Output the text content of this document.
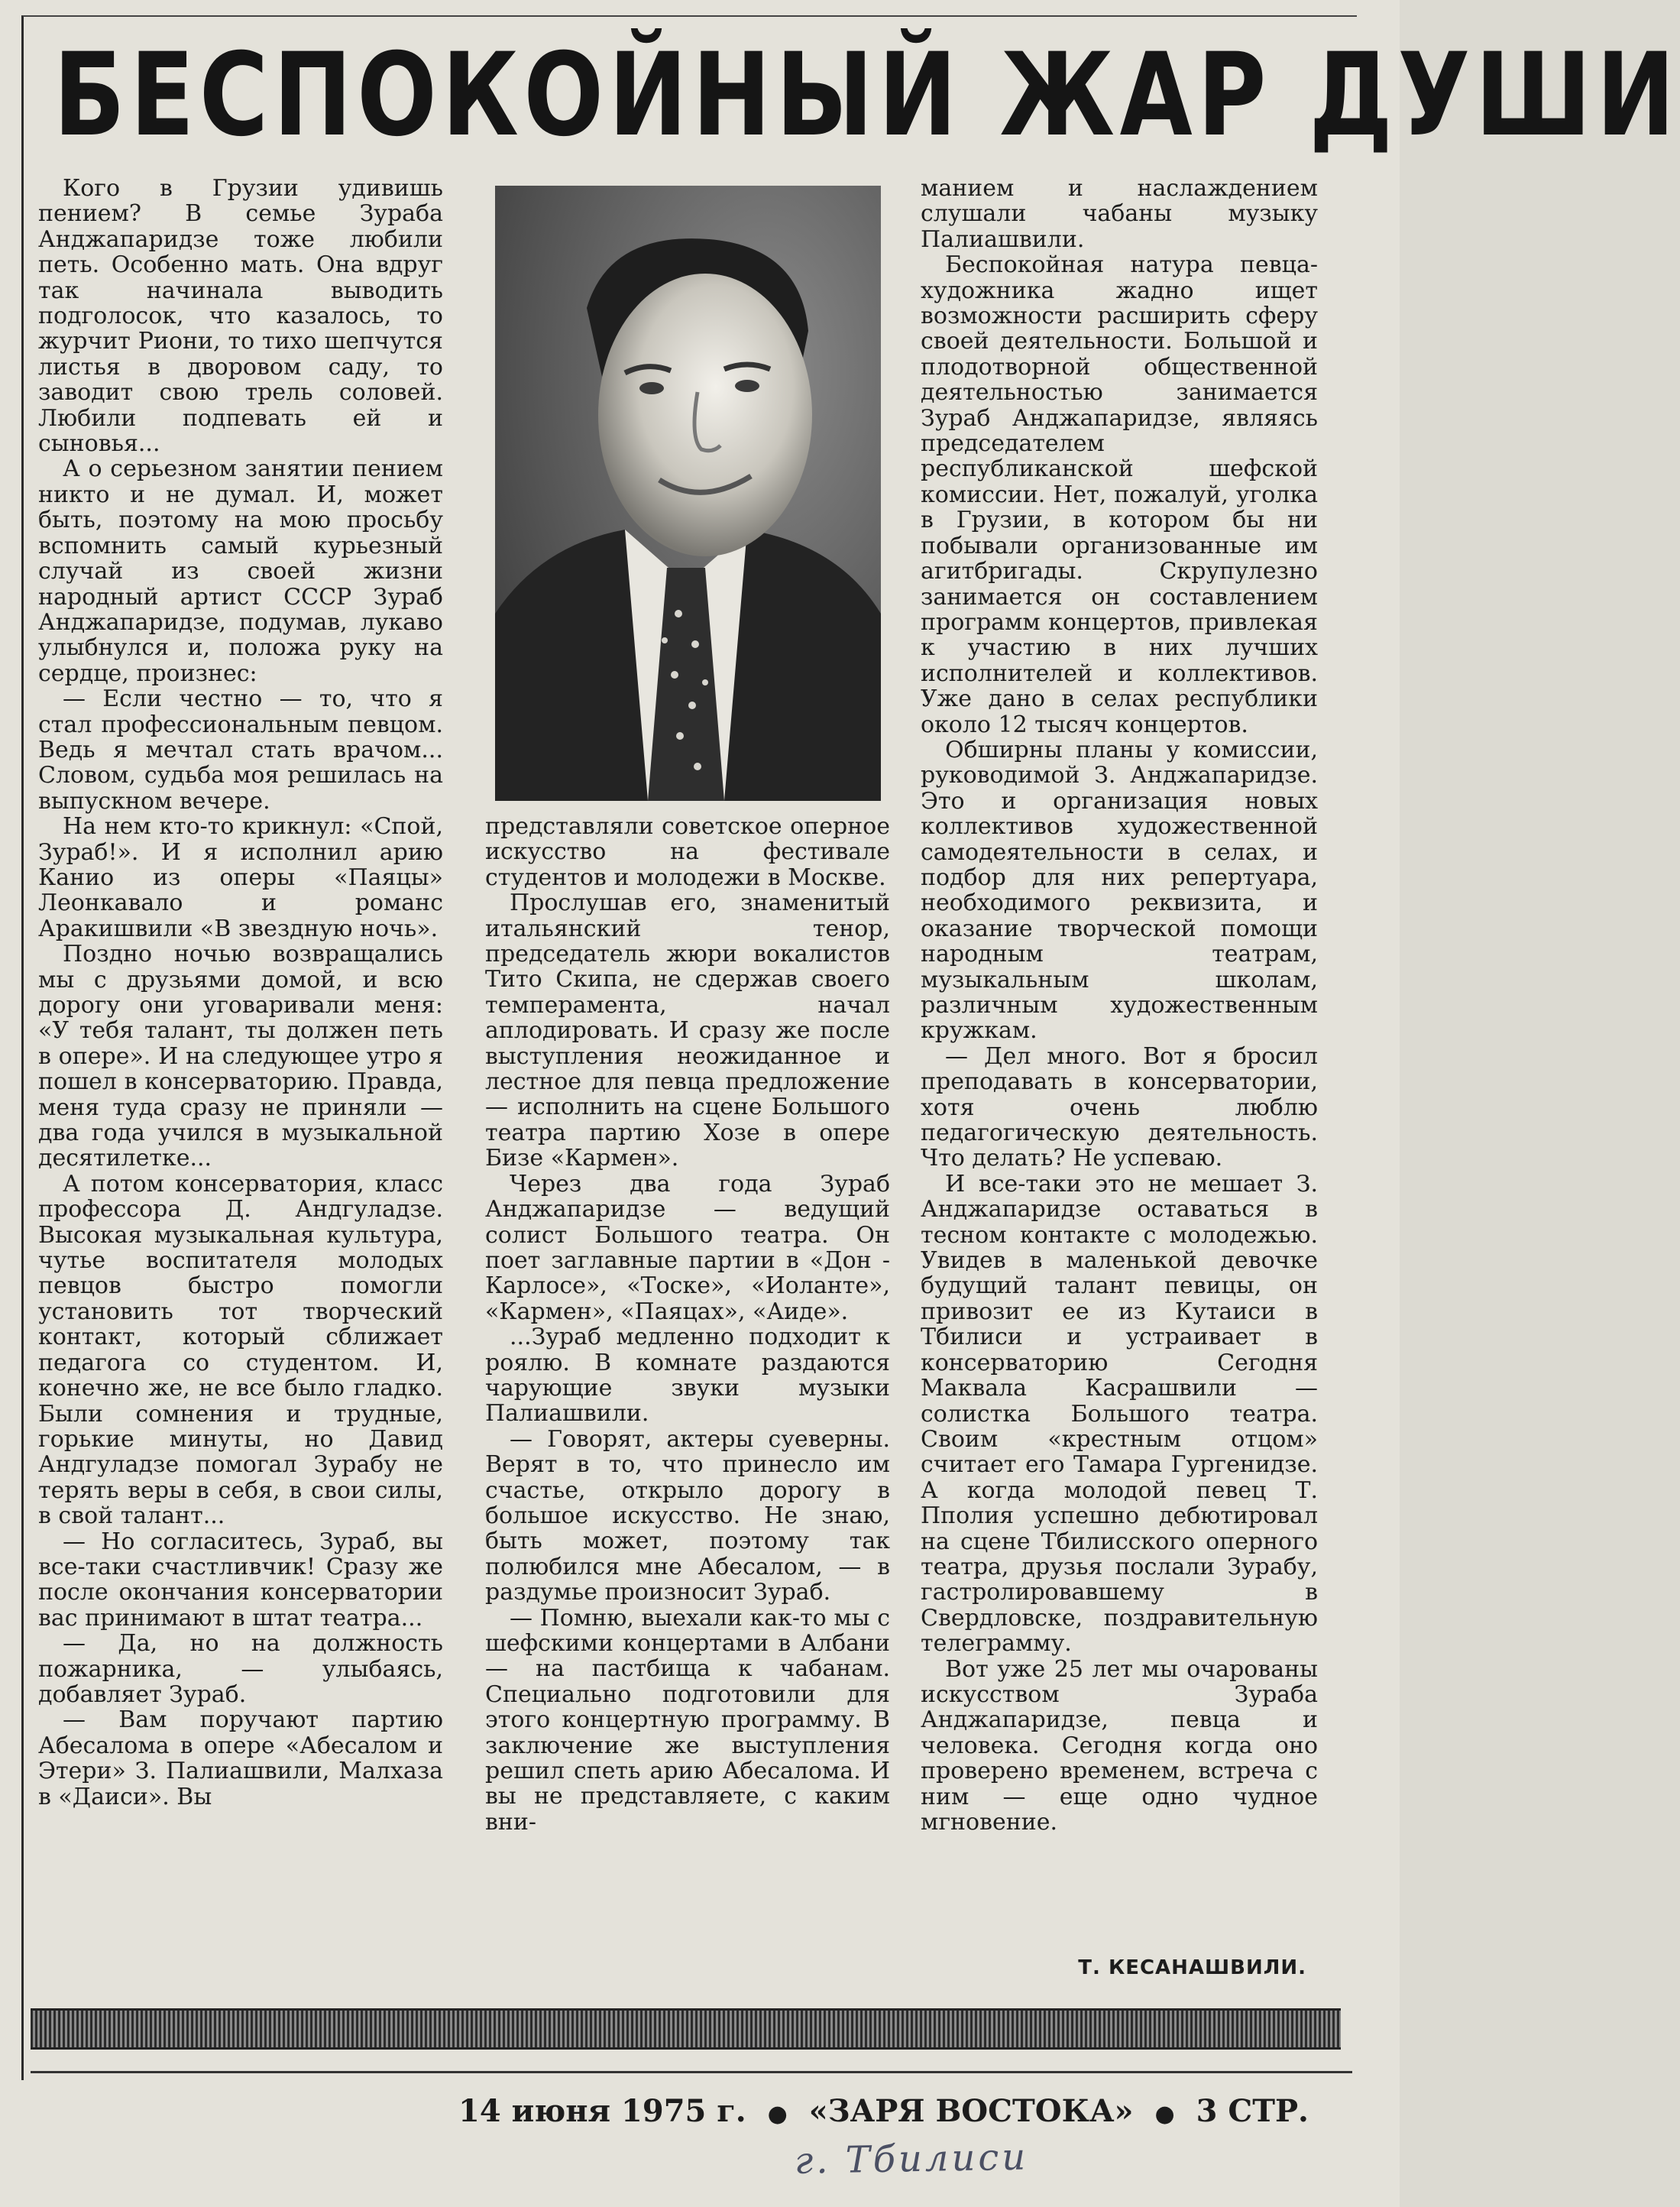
БЕСПОКОЙНЫЙ ЖАР ДУШИ

Кого в Грузии удивишь пением? В семье Зураба Анджапаридзе тоже любили петь. Особенно мать. Она вдруг так начинала выводить подголосок, что казалось, то журчит Риони, то тихо шепчутся листья в дворовом саду, то заводит свою трель соловей. Любили подпевать ей и сыновья...

А о серьезном занятии пением никто и не думал. И, может быть, поэтому на мою просьбу вспомнить самый курьезный случай из своей жизни народный артист СССР Зураб Анджапаридзе, подумав, лукаво улыбнулся и, положа руку на сердце, произнес:

— Если честно — то, что я стал профессиональным певцом. Ведь я мечтал стать врачом... Словом, судьба моя решилась на выпускном вечере.

На нем кто-то крикнул: «Спой, Зураб!». И я исполнил арию Канио из оперы «Паяцы» Леонкавало и романс Аракишвили «В звездную ночь».

Поздно ночью возвращались мы с друзьями домой, и всю дорогу они уговаривали меня: «У тебя талант, ты должен петь в опере». И на следующее утро я пошел в консерваторию. Правда, меня туда сразу не приняли — два года учился в музыкальной десятилетке...

А потом консерватория, класс профессора Д. Андгуладзе. Высокая музыкальная культура, чутье воспитателя молодых певцов быстро помогли установить тот творческий контакт, который сближает педагога со студентом. И, конечно же, не все было гладко. Были сомнения и трудные, горькие минуты, но Давид Андгуладзе помогал Зурабу не терять веры в себя, в свои силы, в свой талант...

— Но согласитесь, Зураб, вы все-таки счастливчик! Сразу же после окончания консерватории вас принимают в штат театра...

— Да, но на должность пожарника, — улыбаясь, добавляет Зураб.

— Вам поручают партию Абесалома в опере «Абесалом и Этери» З. Палиашвили, Малхаза в «Даиси». Вы

представляли советское оперное искусство на фестивале студентов и молодежи в Москве.

Прослушав его, знаменитый итальянский тенор, председатель жюри вокалистов Тито Скипа, не сдержав своего темперамента, начал аплодировать. И сразу же после выступления неожиданное и лестное для певца предложение — исполнить на сцене Большого театра партию Хозе в опере Бизе «Кармен».

Через два года Зураб Анджапаридзе — ведущий солист Большого театра. Он поет заглавные партии в «Дон - Карлосе», «Тоске», «Иоланте», «Кармен», «Паяцах», «Аиде».

...Зураб медленно подходит к роялю. В комнате раздаются чарующие звуки музыки Палиашвили.

— Говорят, актеры суеверны. Верят в то, что принесло им счастье, открыло дорогу в большое искусство. Не знаю, быть может, поэтому так полюбился мне Абесалом, — в раздумье произносит Зураб.

— Помню, выехали как-то мы с шефскими концертами в Албани — на пастбища к чабанам. Специально подготовили для этого концертную программу. В заключение же выступления решил спеть арию Абесалома. И вы не представляете, с каким вни-

манием и наслаждением слушали чабаны музыку Палиашвили.

Беспокойная натура певца-художника жадно ищет возможности расширить сферу своей деятельности. Большой и плодотворной общественной деятельностью занимается Зураб Анджапаридзе, являясь председателем республиканской шефской комиссии. Нет, пожалуй, уголка в Грузии, в котором бы ни побывали организованные им агитбригады. Скрупулезно занимается он составлением программ концертов, привлекая к участию в них лучших исполнителей и коллективов. Уже дано в селах республики около 12 тысяч концертов.

Обширны планы у комиссии, руководимой З. Анджапаридзе. Это и организация новых коллективов художественной самодеятельности в селах, и подбор для них репертуара, необходимого реквизита, и оказание творческой помощи народным театрам, музыкальным школам, различным художественным кружкам.

— Дел много. Вот я бросил преподавать в консерватории, хотя очень люблю педагогическую деятельность. Что делать? Не успеваю.

И все-таки это не мешает З. Анджапаридзе оставаться в тесном контакте с молодежью. Увидев в маленькой девочке будущий талант певицы, он привозит ее из Кутаиси в Тбилиси и устраивает в консерваторию Сегодня Маквала Касрашвили — солистка Большого театра. Своим «крестным отцом» считает его Тамара Гургенидзе. А когда молодой певец Т. Пполия успешно дебютировал на сцене Тбилисского оперного театра, друзья послали Зурабу, гастролировавшему в Свердловске, поздравительную телеграмму.

Вот уже 25 лет мы очарованы искусством Зураба Анджапаридзе, певца и человека. Сегодня когда оно проверено временем, встреча с ним — еще одно чудное мгновение.

Т. КЕСАНАШВИЛИ.
14 июня 1975 г. ● «ЗАРЯ ВОСТОКА» ● 3 СТР.
г. Тбилиси
